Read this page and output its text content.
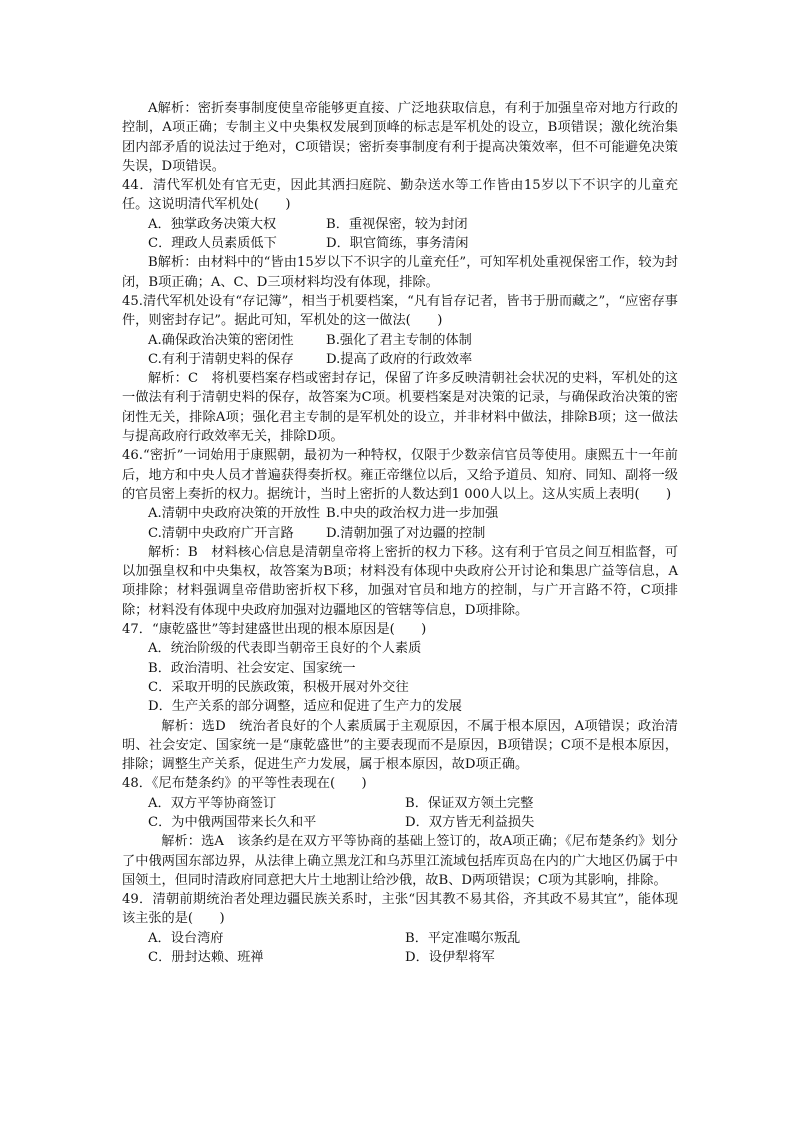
A解析：密折奏事制度使皇帝能够更直接、广泛地获取信息，有利于加强皇帝对地方行政的控制，A项正确；专制主义中央集权发展到顶峰的标志是军机处的设立，B项错误；激化统治集团内部矛盾的说法过于绝对，C项错误；密折奏事制度有利于提高决策效率，但不可能避免决策失误，D项错误。

44．清代军机处有官无吏，因此其洒扫庭院、勤杂送水等工作皆由15岁以下不识字的儿童充任。这说明清代军机处(　　)

A．独掌政务决策大权	B．重视保密，较为封闭
C．理政人员素质低下	D．职官简练，事务清闲

B解析：由材料中的“皆由15岁以下不识字的儿童充任”，可知军机处重视保密工作，较为封闭，B项正确；A、C、D三项材料均没有体现，排除。

45.清代军机处设有“存记簿”，相当于机要档案，“凡有旨存记者，皆书于册而藏之”，“应密存事件，则密封存记”。据此可知，军机处的这一做法(　　)

A.确保政治决策的密闭性	B.强化了君主专制的体制
C.有利于清朝史料的保存	D.提高了政府的行政效率

解析：C　将机要档案存档或密封存记，保留了许多反映清朝社会状况的史料，军机处的这一做法有利于清朝史料的保存，故答案为C项。机要档案是对决策的记录，与确保政治决策的密闭性无关，排除A项；强化君主专制的是军机处的设立，并非材料中做法，排除B项；这一做法与提高政府行政效率无关，排除D项。

46.“密折”一词始用于康熙朝，最初为一种特权，仅限于少数亲信官员等使用。康熙五十一年前后，地方和中央人员才普遍获得奏折权。雍正帝继位以后，又给予道员、知府、同知、副将一级的官员密上奏折的权力。据统计，当时上密折的人数达到1 000人以上。这从实质上表明(　　)

A.清朝中央政府决策的开放性 B.中央的政治权力进一步加强
C.清朝中央政府广开言路	D.清朝加强了对边疆的控制

解析：B　材料核心信息是清朝皇帝将上密折的权力下移。这有利于官员之间互相监督，可以加强皇权和中央集权，故答案为B项；材料没有体现中央政府公开讨论和集思广益等信息，A项排除；材料强调皇帝借助密折权下移，加强对官员和地方的控制，与广开言路不符，C项排除；材料没有体现中央政府加强对边疆地区的管辖等信息，D项排除。

47．“康乾盛世”等封建盛世出现的根本原因是(　　)

A．统治阶级的代表即当朝帝王良好的个人素质
B．政治清明、社会安定、国家统一
C．采取开明的民族政策，积极开展对外交往
D．生产关系的部分调整，适应和促进了生产力的发展

　解析：选D　统治者良好的个人素质属于主观原因，不属于根本原因，A项错误；政治清明、社会安定、国家统一是“康乾盛世”的主要表现而不是原因，B项错误；C项不是根本原因，排除；调整生产关系，促进生产力发展，属于根本原因，故D项正确。

48．《尼布楚条约》的平等性表现在(　　)

A．双方平等协商签订	B．保证双方领土完整
C．为中俄两国带来长久和平	D．双方皆无利益损失

　解析：选A　该条约是在双方平等协商的基础上签订的，故A项正确；《尼布楚条约》划分了中俄两国东部边界，从法律上确立黑龙江和乌苏里江流域包括库页岛在内的广大地区仍属于中国领土，但同时清政府同意把大片土地割让给沙俄，故B、D两项错误；C项为其影响，排除。

49．清朝前期统治者处理边疆民族关系时，主张“因其教不易其俗，齐其政不易其宜”，能体现该主张的是(　　)

A．设台湾府	B．平定准噶尔叛乱
C．册封达赖、班禅	D．设伊犁将军
